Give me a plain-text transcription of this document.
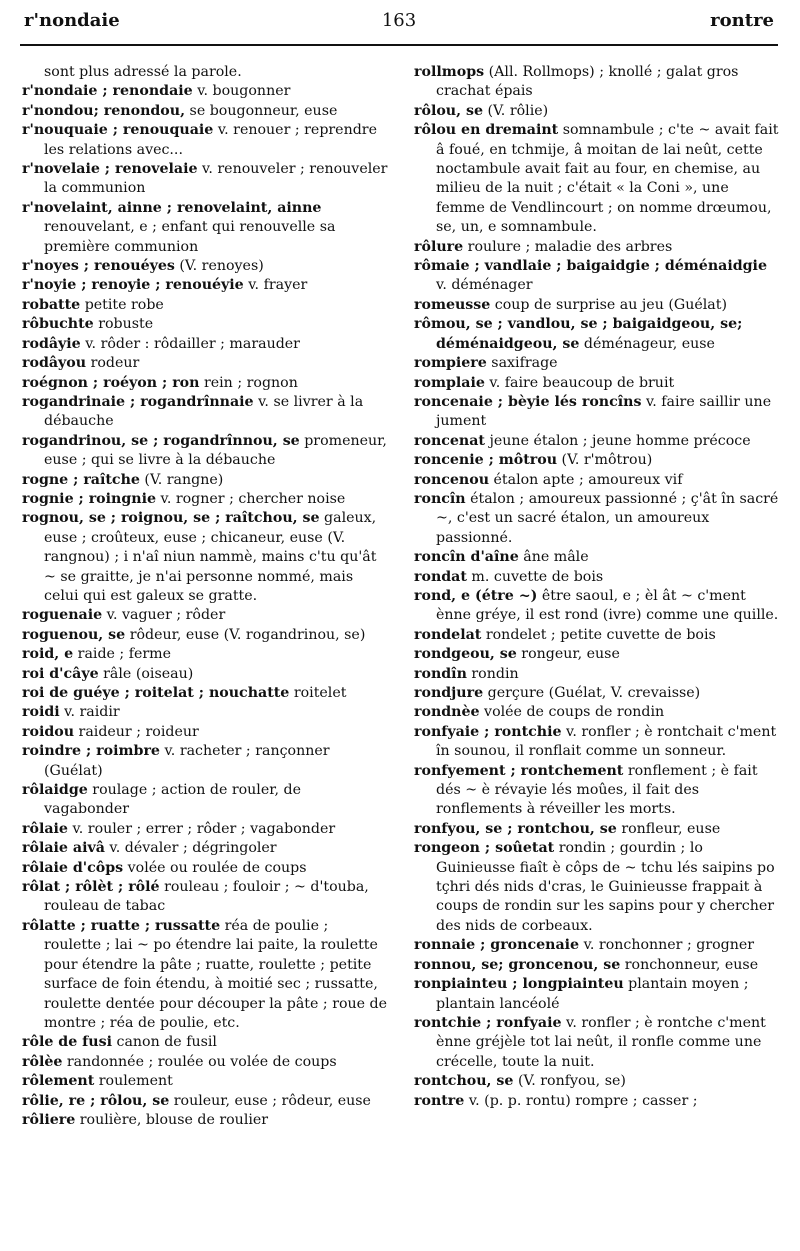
r'nondaie	163	rontre
sont plus adressé la parole.
r'nondaie ; renondaie v. bougonner
r'nondou; renondou, se bougonneur, euse
r'nouquaie ; renouquaie v. renouer ; reprendre les relations avec...
r'novelaie ; renovelaie v. renouveler ; renouveler la communion
r'novelaint, ainne ; renovelaint, ainne renouvelant, e ; enfant qui renouvelle sa première communion
r'noyes ; renouéyes (V. renoyes)
r'noyie ; renoyie ; renouéyie v. frayer
robatte petite robe
rôbuchte robuste
rodâyie v. rôder : rôdailler ; marauder
rodâyou rodeur
roégnon ; roéyon ; ron rein ; rognon
rogandrinaie ; rogandrînnaie v. se livrer à la débauche
rogandrinou, se ; rogandrînnou, se promeneur, euse ; qui se livre à la débauche
rogne ; raîtche (V. rangne)
rognie ; roingnie v. rogner ; chercher noise
rognou, se ; roignou, se ; raîtchou, se galeux, euse ; croûteux, euse ; chicaneur, euse (V. rangnou) ; i n'aî niun nammè, mains c'tu qu'ât ~ se graitte, je n'ai personne nommé, mais celui qui est galeux se gratte.
roguenaie v. vaguer ; rôder
roguenou, se rôdeur, euse (V. rogandrinou, se)
roid, e raide ; ferme
roi d'câye râle (oiseau)
roi de guéye ; roitelat ; nouchatte roitelet
roidi v. raidir
roidou raideur ; roideur
roindre ; roimbre v. racheter ; rançonner (Guélat)
rôlaidge roulage ; action de rouler, de vagabonder
rôlaie v. rouler ; errer ; rôder ; vagabonder
rôlaie aivâ v. dévaler ; dégringoler
rôlaie d'côps volée ou roulée de coups
rôlat ; rôlèt ; rôlé rouleau ; fouloir ; ~ d'touba, rouleau de tabac
rôlatte ; ruatte ; russatte réa de poulie ; roulette ; lai ~ po étendre lai paite, la roulette pour étendre la pâte ; ruatte, roulette ; petite surface de foin étendu, à moitié sec ; russatte, roulette dentée pour découper la pâte ; roue de montre ; réa de poulie, etc.
rôle de fusi canon de fusil
rôlèe randonnée ; roulée ou volée de coups
rôlement roulement
rôlie, re ; rôlou, se rouleur, euse ; rôdeur, euse
rôliere roulière, blouse de roulier
rollmops (All. Rollmops) ; knollé ; galat gros crachat épais
rôlou, se (V. rôlie)
rôlou en dremaint somnambule ; c'te ~ avait fait â foué, en tchmije, â moitan de lai neût, cette noctambule avait fait au four, en chemise, au milieu de la nuit ; c'était « la Coni », une femme de Vendlincourt ; on nomme drœumou, se, un, e somnambule.
rôlure roulure ; maladie des arbres
rômaie ; vandlaie ; baigaidgie ; déménaidgie v. déménager
romeusse coup de surprise au jeu (Guélat)
rômou, se ; vandlou, se ; baigaidgeou, se; déménaidgeou, se déménageur, euse
rompiere saxifrage
romplaie v. faire beaucoup de bruit
roncenaie ; bèyie lés roncîns v. faire saillir une jument
roncenat jeune étalon ; jeune homme précoce
roncenie ; môtrou (V. r'môtrou)
roncenou étalon apte ; amoureux vif
roncîn étalon ; amoureux passionné ; ç'ât în sacré ~, c'est un sacré étalon, un amoureux passionné.
roncîn d'aîne âne mâle
rondat m. cuvette de bois
rond, e (étre ~) être saoul, e ; èl ât ~ c'ment ènne gréye, il est rond (ivre) comme une quille.
rondelat rondelet ; petite cuvette de bois
rondgeou, se rongeur, euse
rondîn rondin
rondjure gerçure (Guélat, V. crevaisse)
rondnèe volée de coups de rondin
ronfyaie ; rontchie v. ronfler ; è rontchait c'ment în sounou, il ronflait comme un sonneur.
ronfyement ; rontchement ronflement ; è fait dés ~ è révayie lés moûes, il fait des ronflements à réveiller les morts.
ronfyou, se ; rontchou, se ronfleur, euse
rongeon ; soûetat rondin ; gourdin ; lo Guinieusse fiaît è côps de ~ tchu lés saipins po tçhri dés nids d'cras, le Guinieusse frappait à coups de rondin sur les sapins pour y chercher des nids de corbeaux.
ronnaie ; groncenaie v. ronchonner ; grogner
ronnou, se; groncenou, se ronchonneur, euse
ronpiainteu ; longpiainteu plantain moyen ; plantain lancéolé
rontchie ; ronfyaie v. ronfler ; è rontche c'ment ènne gréjèle tot lai neût, il ronfle comme une crécelle, toute la nuit.
rontchou, se (V. ronfyou, se)
rontre v. (p. p. rontu) rompre ; casser ;
